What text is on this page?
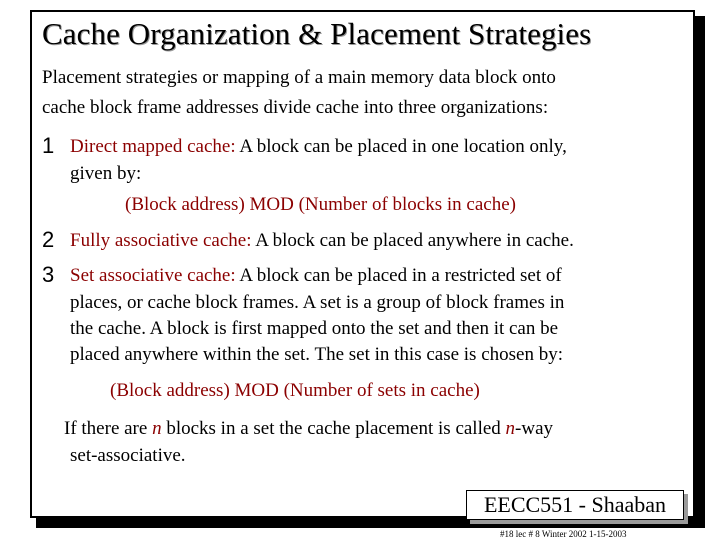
Cache Organization & Placement Strategies
Placement strategies or mapping of a main memory data block onto
cache block frame addresses divide cache into three organizations:
1 Direct mapped cache: A block can be placed in one location only,
given by:
(Block address) MOD (Number of blocks in cache)
2 Fully associative cache: A block can be placed anywhere in cache.
3 Set associative cache: A block can be placed in a restricted set of
places, or cache block frames. A set is a group of block frames in
the cache. A block is first mapped onto the set and then it can be
placed anywhere within the set. The set in this case is chosen by:
(Block address) MOD (Number of sets in cache)
If there are n blocks in a set the cache placement is called n-way
set-associative.
EECC551 - Shaaban
#18 lec # 8 Winter 2002 1-15-2003
